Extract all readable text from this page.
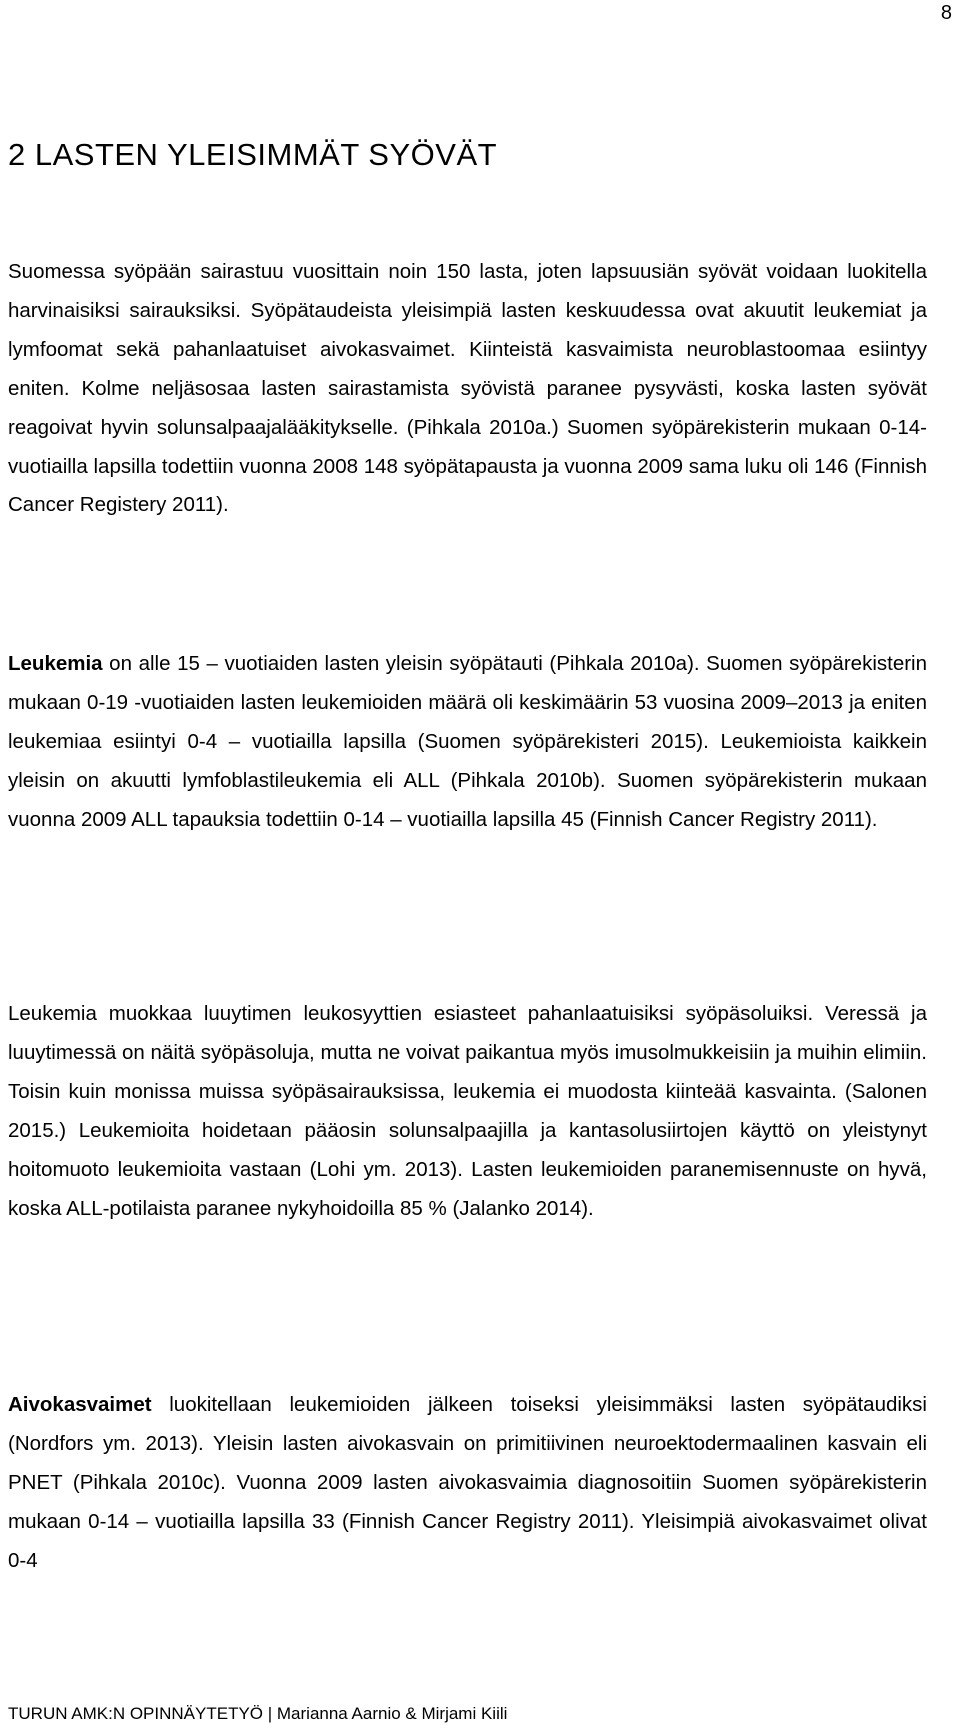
8
2 LASTEN YLEISIMMÄT SYÖVÄT

Suomessa syöpään sairastuu vuosittain noin 150 lasta, joten lapsuusiän syövät voidaan luokitella harvinaisiksi sairauksiksi. Syöpätaudeista yleisimpiä lasten keskuudessa ovat akuutit leukemiat ja lymfoomat sekä pahanlaatuiset aivokasvaimet. Kiinteistä kasvaimista neuroblastoomaa esiintyy eniten. Kolme neljäsosaa lasten sairastamista syövistä paranee pysyvästi, koska lasten syövät reagoivat hyvin solunsalpaajalääkitykselle. (Pihkala 2010a.) Suomen syöpärekisterin mukaan 0-14-vuotiailla lapsilla todettiin vuonna 2008 148 syöpätapausta ja vuonna 2009 sama luku oli 146 (Finnish Cancer Registery 2011).

Leukemia on alle 15 – vuotiaiden lasten yleisin syöpätauti (Pihkala 2010a). Suomen syöpärekisterin mukaan 0-19 -vuotiaiden lasten leukemioiden määrä oli keskimäärin 53 vuosina 2009–2013 ja eniten leukemiaa esiintyi 0-4 – vuotiailla lapsilla (Suomen syöpärekisteri 2015). Leukemioista kaikkein yleisin on akuutti lymfoblastileukemia eli ALL (Pihkala 2010b). Suomen syöpärekisterin mukaan vuonna 2009 ALL tapauksia todettiin 0-14 – vuotiailla lapsilla 45 (Finnish Cancer Registry 2011).

Leukemia muokkaa luuytimen leukosyyttien esiasteet pahanlaatuisiksi syöpäsoluiksi. Veressä ja luuytimessä on näitä syöpäsoluja, mutta ne voivat paikantua myös imusolmukkeisiin ja muihin elimiin. Toisin kuin monissa muissa syöpäsairauksissa, leukemia ei muodosta kiinteää kasvainta. (Salonen 2015.) Leukemioita hoidetaan pääosin solunsalpaajilla ja kantasolusiirtojen käyttö on yleistynyt hoitomuoto leukemioita vastaan (Lohi ym. 2013). Lasten leukemioiden paranemisennuste on hyvä, koska ALL-potilaista paranee nykyhoidoilla 85 % (Jalanko 2014).

Aivokasvaimet luokitellaan leukemioiden jälkeen toiseksi yleisimmäksi lasten syöpätaudiksi (Nordfors ym. 2013). Yleisin lasten aivokasvain on primitiivinen neuroektodermaalinen kasvain eli PNET (Pihkala 2010c). Vuonna 2009 lasten aivokasvaimia diagnosoitiin Suomen syöpärekisterin mukaan 0-14 – vuotiailla lapsilla 33 (Finnish Cancer Registry 2011). Yleisimpiä aivokasvaimet olivat 0-4

TURUN AMK:N OPINNÄYTETYÖ | Marianna Aarnio & Mirjami Kiili
